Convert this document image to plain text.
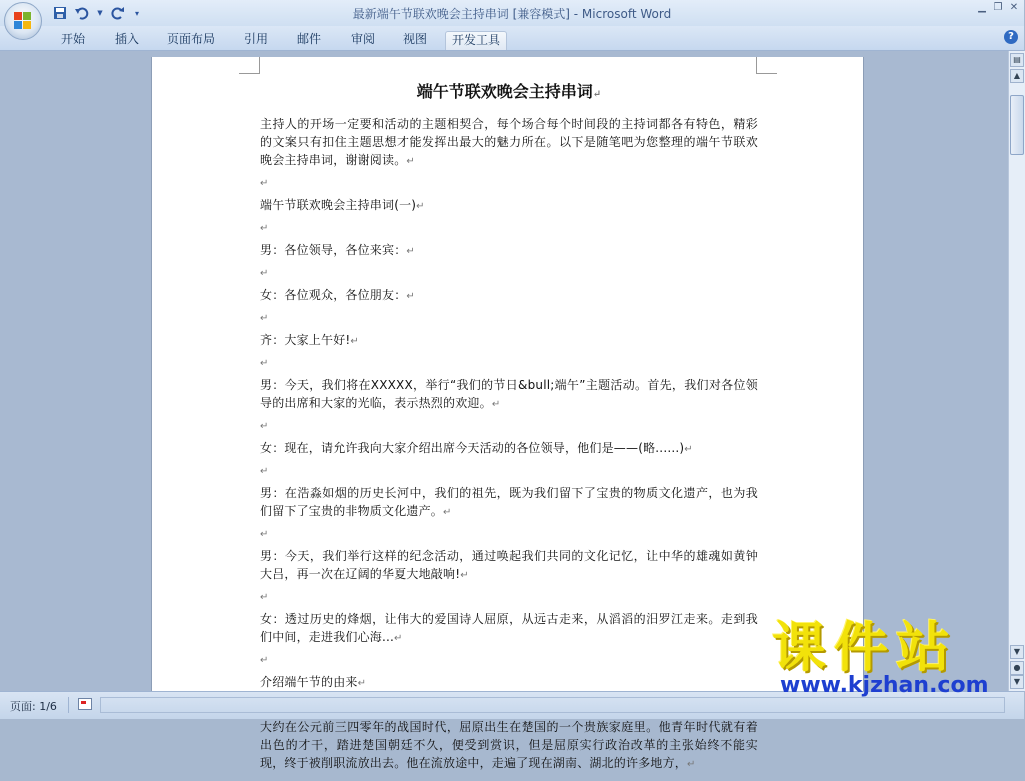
▼	▾	最新端午节联欢晚会主持串词 [兼容模式] - Microsoft Word	▁ ❐ ✕
开始	插入	页面布局	引用	邮件	审阅	视图	开发工具	?
端午节联欢晚会主持串词↵

主持人的开场一定要和活动的主题相契合，每个场合每个时间段的主持词都各有特色，精彩的文案只有扣住主题思想才能发挥出最大的魅力所在。以下是随笔吧为您整理的端午节联欢晚会主持串词，谢谢阅读。↵

↵

端午节联欢晚会主持串词(一)↵

↵

男：各位领导，各位来宾：↵

↵

女：各位观众，各位朋友：↵

↵

齐：大家上午好!↵

↵

男：今天，我们将在XXXXX，举行“我们的节日&bull;端午”主题活动。首先，我们对各位领导的出席和大家的光临，表示热烈的欢迎。↵

↵

女：现在，请允许我向大家介绍出席今天活动的各位领导，他们是——(略......)↵

↵

男：在浩淼如烟的历史长河中，我们的祖先，既为我们留下了宝贵的物质文化遗产，也为我们留下了宝贵的非物质文化遗产。↵

↵

男：今天，我们举行这样的纪念活动，通过唤起我们共同的文化记忆，让中华的雄魂如黄钟大吕，再一次在辽阔的华夏大地敲响!↵

↵

女：透过历史的烽烟，让伟大的爱国诗人屈原，从远古走来，从滔滔的汨罗江走来。走到我们中间，走进我们心海...↵

↵

介绍端午节的由来↵

大约在公元前三四零年的战国时代，屈原出生在楚国的一个贵族家庭里。他青年时代就有着出色的才干，踏进楚国朝廷不久，便受到赏识，但是屈原实行政治改革的主张始终不能实现，终于被削职流放出去。他在流放途中，走遍了现在湖南、湖北的许多地方，↵

▤
▲
▼
●
▼
页面: 1/6
课件站
www.kjzhan.com
